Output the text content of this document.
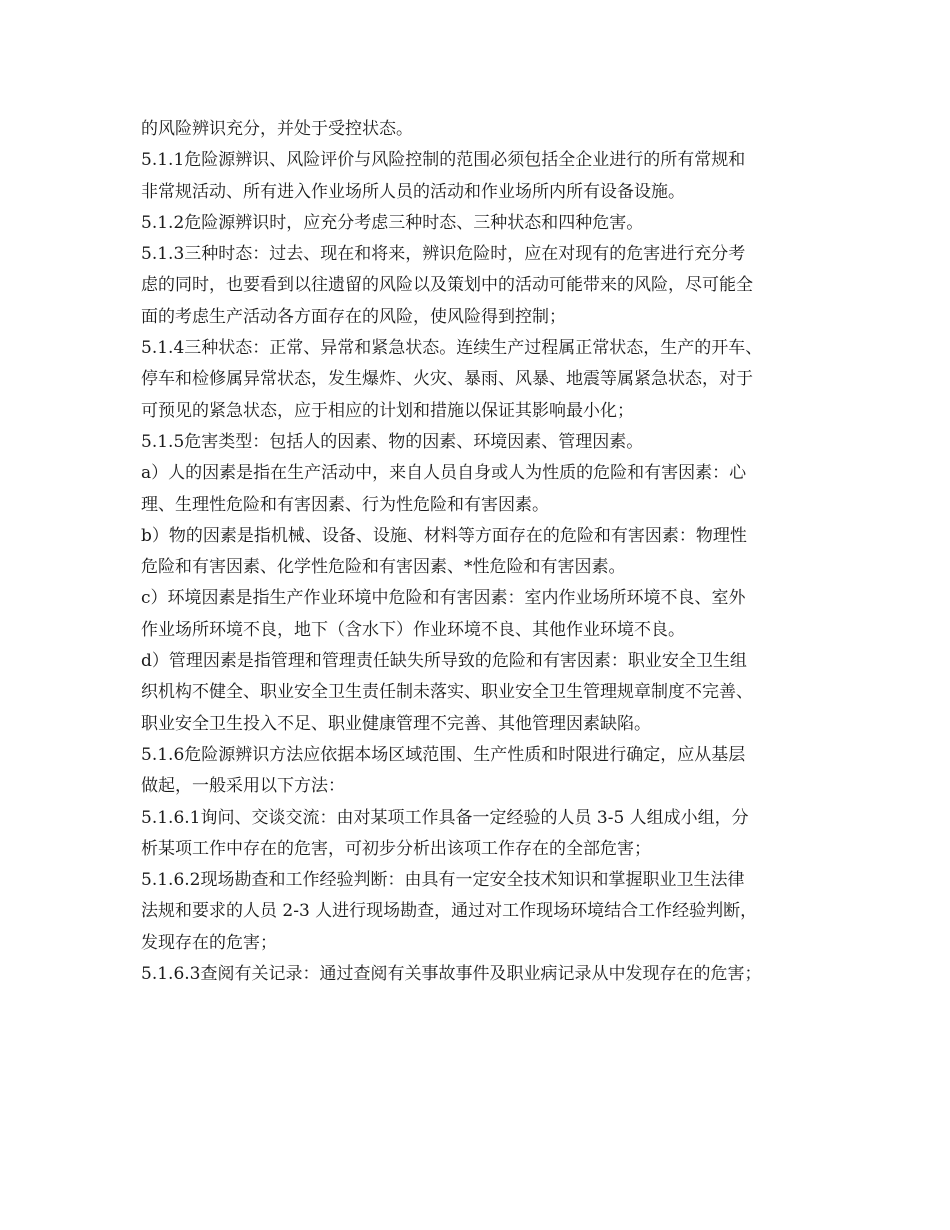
的风险辨识充分，并处于受控状态。
5.1.1危险源辨识、风险评价与风险控制的范围必须包括全企业进行的所有常规和
非常规活动、所有进入作业场所人员的活动和作业场所内所有设备设施。
5.1.2危险源辨识时，应充分考虑三种时态、三种状态和四种危害。
5.1.3三种时态：过去、现在和将来，辨识危险时，应在对现有的危害进行充分考
虑的同时，也要看到以往遗留的风险以及策划中的活动可能带来的风险，尽可能全
面的考虑生产活动各方面存在的风险，使风险得到控制；
5.1.4三种状态：正常、异常和紧急状态。连续生产过程属正常状态，生产的开车、
停车和检修属异常状态，发生爆炸、火灾、暴雨、风暴、地震等属紧急状态，对于
可预见的紧急状态，应于相应的计划和措施以保证其影响最小化；
5.1.5危害类型：包括人的因素、物的因素、环境因素、管理因素。
a）人的因素是指在生产活动中，来自人员自身或人为性质的危险和有害因素：心
理、生理性危险和有害因素、行为性危险和有害因素。
b）物的因素是指机械、设备、设施、材料等方面存在的危险和有害因素：物理性
危险和有害因素、化学性危险和有害因素、*性危险和有害因素。
c）环境因素是指生产作业环境中危险和有害因素：室内作业场所环境不良、室外
作业场所环境不良，地下（含水下）作业环境不良、其他作业环境不良。
d）管理因素是指管理和管理责任缺失所导致的危险和有害因素：职业安全卫生组
织机构不健全、职业安全卫生责任制未落实、职业安全卫生管理规章制度不完善、
职业安全卫生投入不足、职业健康管理不完善、其他管理因素缺陷。
5.1.6危险源辨识方法应依据本场区域范围、生产性质和时限进行确定，应从基层
做起，一般采用以下方法：
5.1.6.1询问、交谈交流：由对某项工作具备一定经验的人员 3-5 人组成小组，分
析某项工作中存在的危害，可初步分析出该项工作存在的全部危害；
5.1.6.2现场勘查和工作经验判断：由具有一定安全技术知识和掌握职业卫生法律
法规和要求的人员 2-3 人进行现场勘查，通过对工作现场环境结合工作经验判断，
发现存在的危害；
5.1.6.3查阅有关记录：通过查阅有关事故事件及职业病记录从中发现存在的危害；
